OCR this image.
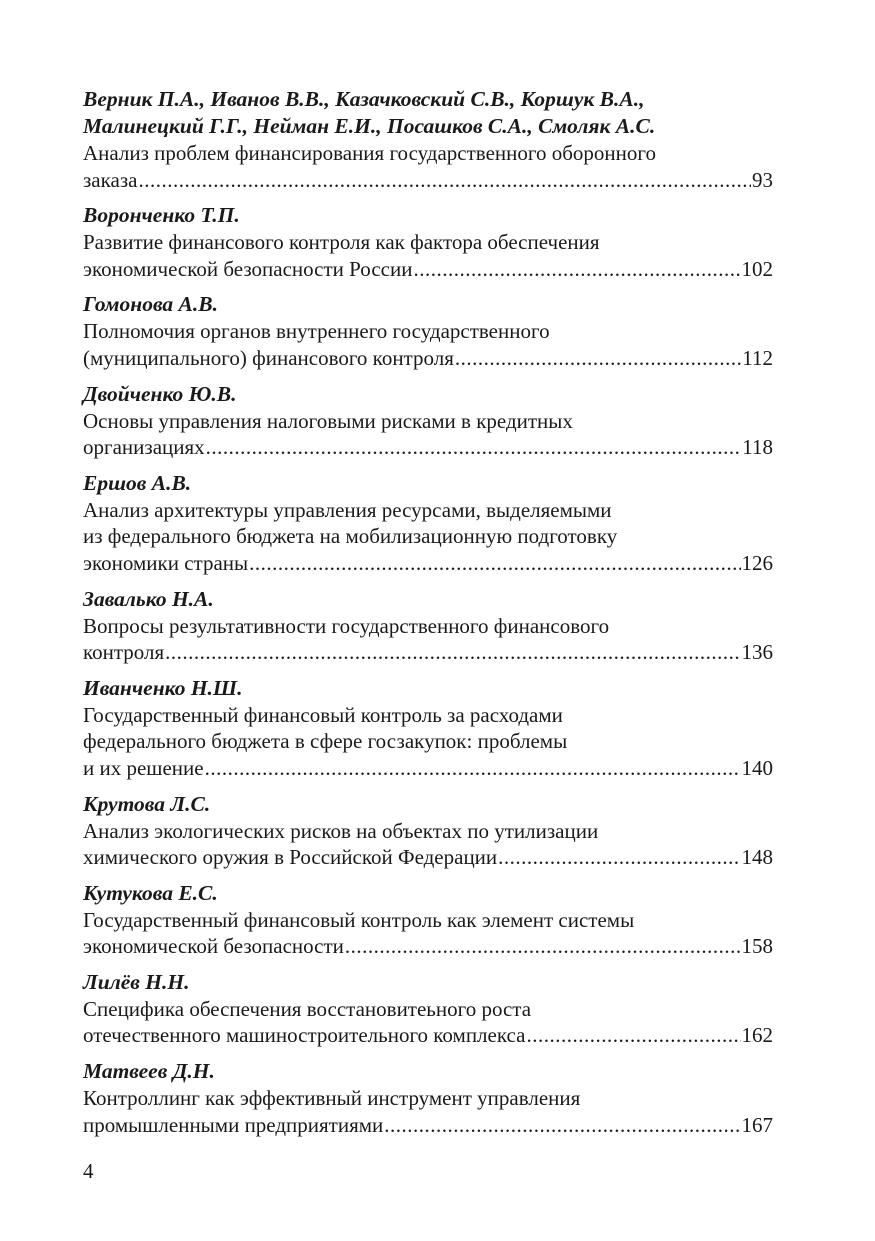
Верник П.А., Иванов В.В., Казачковский С.В., Коршук В.А.,

Малинецкий Г.Г., Нейман Е.И., Посашков С.А., Смоляк А.С.

Анализ проблем финансирования государственного оборонного

заказа .....	93

Воронченко Т.П.

Развитие финансового контроля как фактора обеспечения

экономической безопасности России .....	102

Гомонова А.В.

Полномочия органов внутреннего государственного

(муниципального) финансового контроля .....	112

Двойченко Ю.В.

Основы управления налоговыми рисками в кредитных

организациях .....	118

Ершов А.В.

Анализ архитектуры управления ресурсами, выделяемыми

из федерального бюджета на мобилизационную подготовку

экономики страны .....	126

Завалько Н.А.

Вопросы результативности государственного финансового

контроля .....	136

Иванченко Н.Ш.

Государственный финансовый контроль за расходами

федерального бюджета в сфере госзакупок: проблемы

и их решение .....	140

Крутова Л.С.

Анализ экологических рисков на объектах по утилизации

химического оружия в Российской Федерации .....	148

Кутукова Е.С.

Государственный финансовый контроль как элемент системы

экономической безопасности .....	158

Лилёв Н.Н.

Специфика обеспечения восстановитеьного роста

отечественного машиностроительного комплекса .....	162

Матвеев Д.Н.

Контроллинг как эффективный инструмент управления

промышленными предприятиями .....	167
4
